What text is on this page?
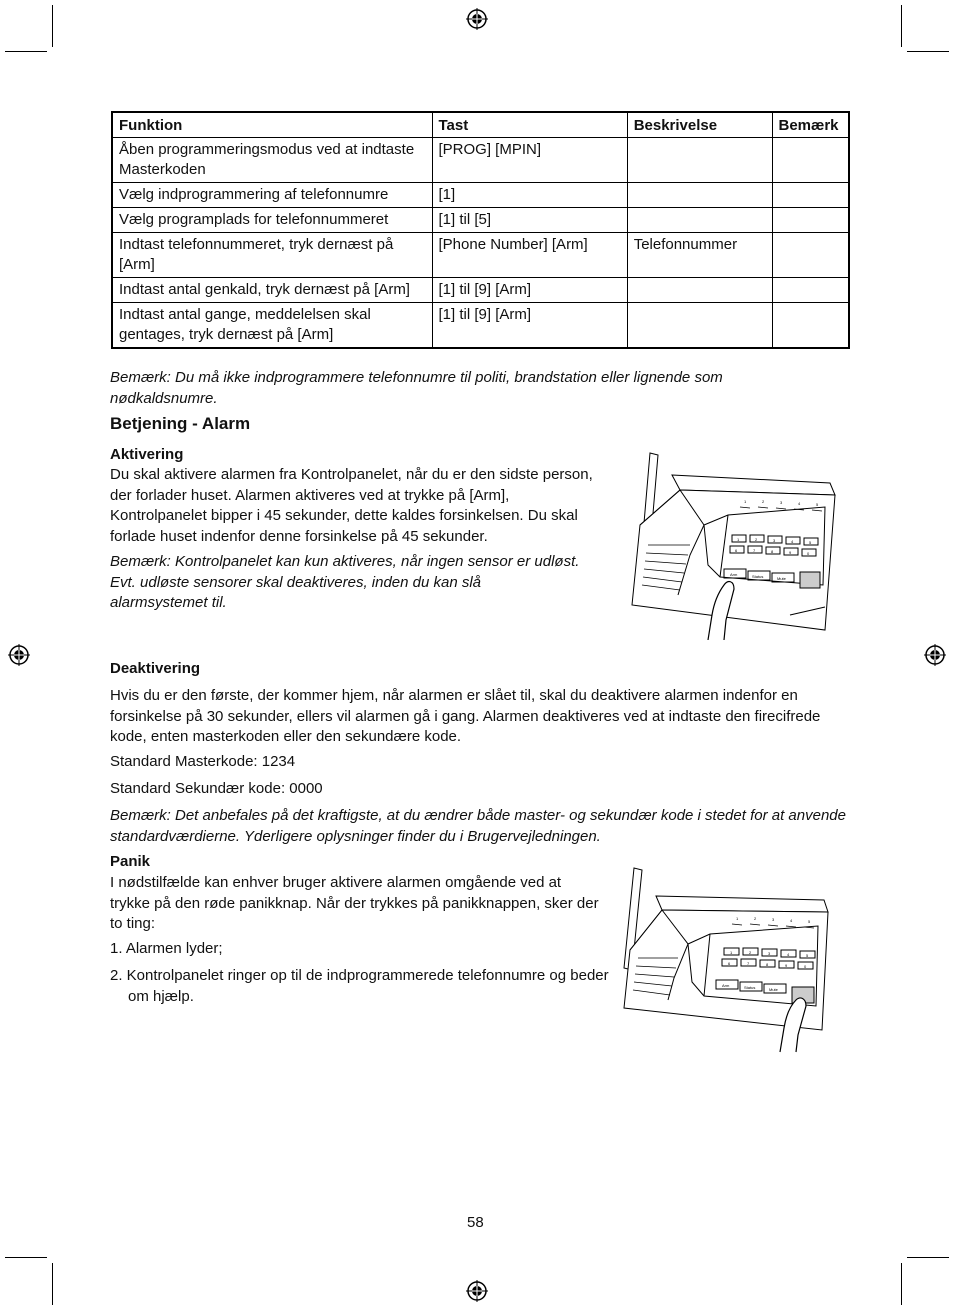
Funktion	Tast	Beskrivelse	Bemærk
Åben programmeringsmodus ved at indtaste Masterkoden	[PROG] [MPIN]		
Vælg indprogrammering af telefonnumre	[1]		
Vælg programplads for telefonnummeret	[1] til [5]		
Indtast telefonnummeret, tryk dernæst på [Arm]	[Phone Number] [Arm]	Telefonnummer	
Indtast antal genkald, tryk dernæst på [Arm]	[1] til [9] [Arm]		
Indtast antal gange, meddelelsen skal gentages, tryk dernæst på [Arm]	[1] til [9] [Arm]		

Bemærk: Du må ikke indprogrammere telefonnumre til politi, brandstation eller lignende som nødkaldsnumre.

Betjening - Alarm

Aktivering

Du skal aktivere alarmen fra Kontrolpanelet, når du er den sidste person, der forlader huset. Alarmen aktiveres ved at trykke på [Arm], Kontrolpanelet bipper i 45 sekunder, dette kaldes forsinkelsen. Du skal forlade huset indenfor denne forsinkelse på 45 sekunder.

Bemærk: Kontrolpanelet kan kun aktiveres, når ingen sensor er udløst. Evt. udløste sensorer skal deaktiveres, inden du kan slå alarmsystemet til.

Deaktivering

Hvis du er den første, der kommer hjem, når alarmen er slået til, skal du deaktivere alarmen indenfor en forsinkelse på 30 sekunder, ellers vil alarmen gå i gang. Alarmen deaktiveres ved at indtaste den firecifrede kode, enten masterkoden eller den sekundære kode.

Standard Masterkode: 1234

Standard Sekundær kode: 0000

Bemærk: Det anbefales på det kraftigste, at du ændrer både master- og sekundær kode i stedet for at anvende standardværdierne. Yderligere oplysninger finder du i Brugervejledningen.

Panik

I nødstilfælde kan enhver bruger aktivere alarmen omgående ved at trykke på den røde panikknap. Når der trykkes på panikknappen, sker der to ting:

1. Alarmen lyder;

2. Kontrolpanelet ringer op til de indprogrammerede telefonnumre og beder om hjælp.

1	2	3	4	5
1	2	3	4	5
6	7	8	9	0
Arm	Status	Mute
1	2	3	4	5
1	2	3	4	5
6	7	8	9	0
Arm	Status	Mute

58
